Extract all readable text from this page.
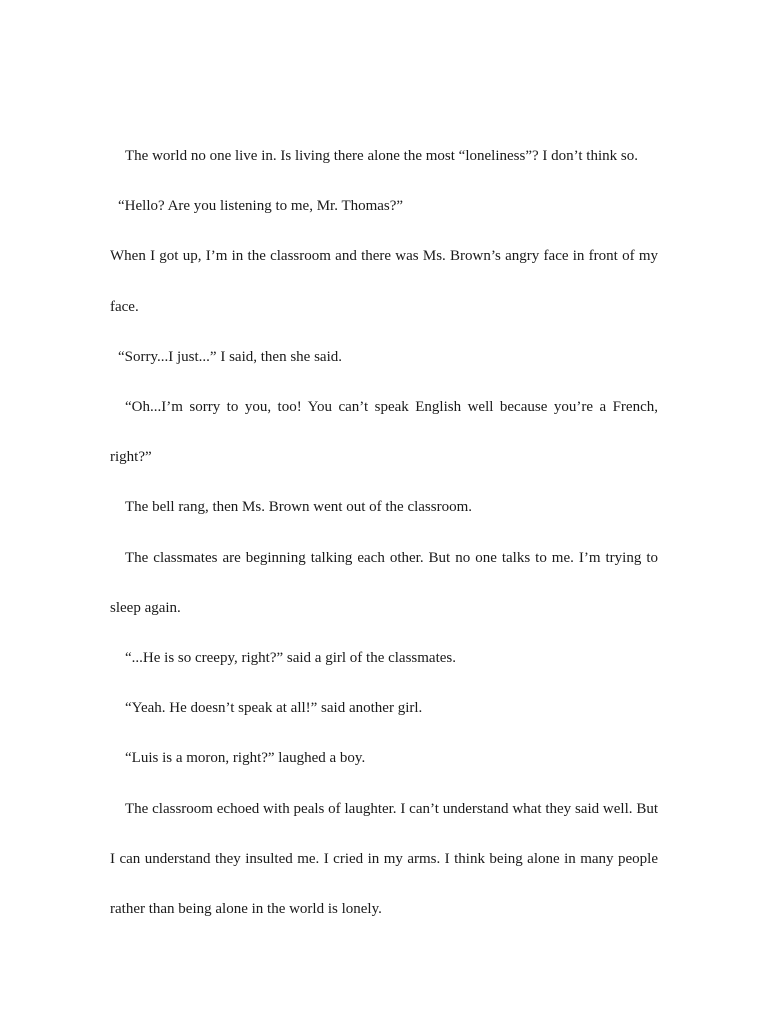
The world no one live in. Is living there alone the most “loneliness”? I don’t think so.

“Hello? Are you listening to me, Mr. Thomas?”

When I got up, I’m in the classroom and there was Ms. Brown’s angry face in front of my face.

“Sorry...I just...” I said, then she said.

“Oh...I’m sorry to you, too! You can’t speak English well because you’re a French, right?”

The bell rang, then Ms. Brown went out of the classroom.

The classmates are beginning talking each other. But no one talks to me. I’m trying to sleep again.

“...He is so creepy, right?” said a girl of the classmates.

“Yeah. He doesn’t speak at all!” said another girl.

“Luis is a moron, right?” laughed a boy.

The classroom echoed with peals of laughter. I can’t understand what they said well. But I can understand they insulted me. I cried in my arms. I think being alone in many people rather than being alone in the world is lonely.
